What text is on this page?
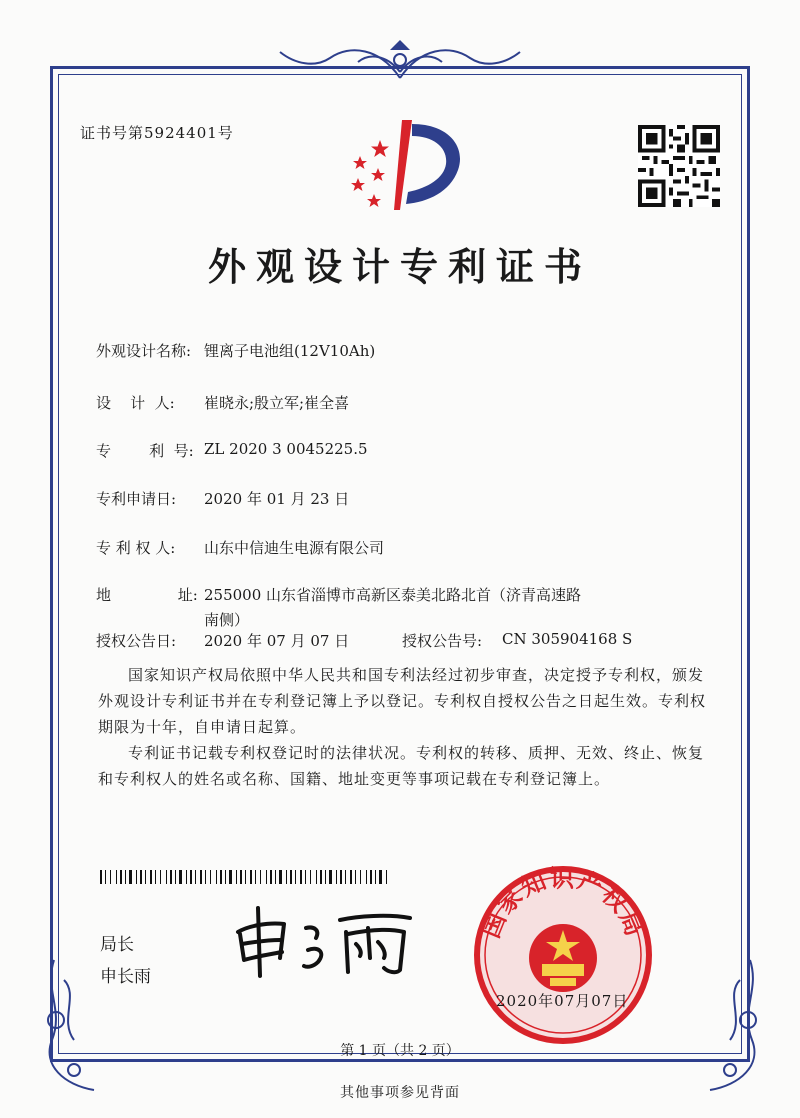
证书号第5924401号
外观设计专利证书
外观设计名称: 锂离子电池组(12V10Ah)
设    计  人:	崔晓永;殷立军;崔全喜
专        利  号: ZL 2020 3 0045225.5
专利申请日:	2020 年 01 月 23 日
专 利 权 人:	山东中信迪生电源有限公司
地              址: 255000 山东省淄博市高新区泰美北路北首（济青高速路
南侧）
授权公告日:	2020 年 07 月 07 日	授权公告号:	CN 305904168 S
国家知识产权局依照中华人民共和国专利法经过初步审查，决定授予专利权，颁发外观设计专利证书并在专利登记簿上予以登记。专利权自授权公告之日起生效。专利权期限为十年，自申请日起算。
专利证书记载专利权登记时的法律状况。专利权的转移、质押、无效、终止、恢复和专利权人的姓名或名称、国籍、地址变更等事项记载在专利登记簿上。
局长
申长雨
国家知识产权局
2020年07月07日
第 1 页（共 2 页）
其他事项参见背面
